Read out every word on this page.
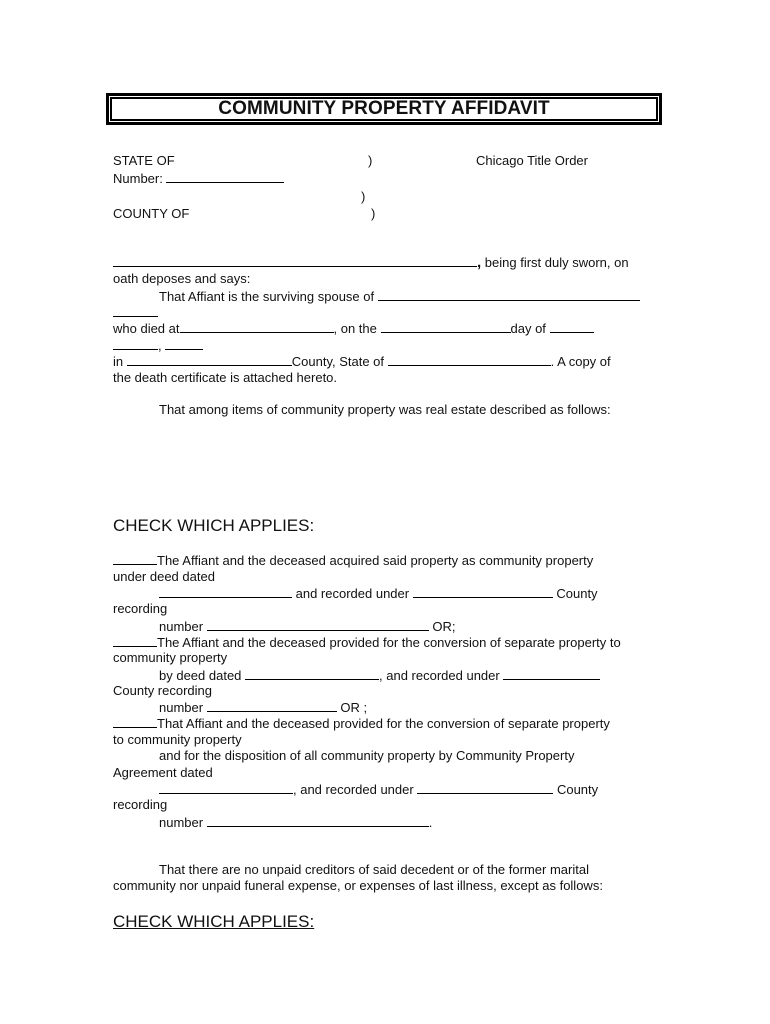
COMMUNITY PROPERTY AFFIDAVIT
STATE OF	)	Chicago Title Order
Number:
)
COUNTY OF	)
, being first duly sworn, on
oath deposes and says:
That Affiant is the surviving spouse of
who died at	, on the	day of
,
in	County, State of	. A copy of
the death certificate is attached hereto.
That among items of community property was real estate described as follows:
CHECK WHICH APPLIES:
The Affiant and the deceased acquired said property as community property
under deed dated
and recorded under	County
recording
number	OR;
The Affiant and the deceased provided for the conversion of separate property to
community property
by deed dated	, and recorded under
County recording
number	OR ;
That Affiant and the deceased provided for the conversion of separate property
to community property
and for the disposition of all community property by Community Property
Agreement dated
, and recorded under	County
recording
number	.
That there are no unpaid creditors of said decedent or of the former marital
community nor unpaid funeral expense, or expenses of last illness, except as follows:
CHECK WHICH APPLIES:
